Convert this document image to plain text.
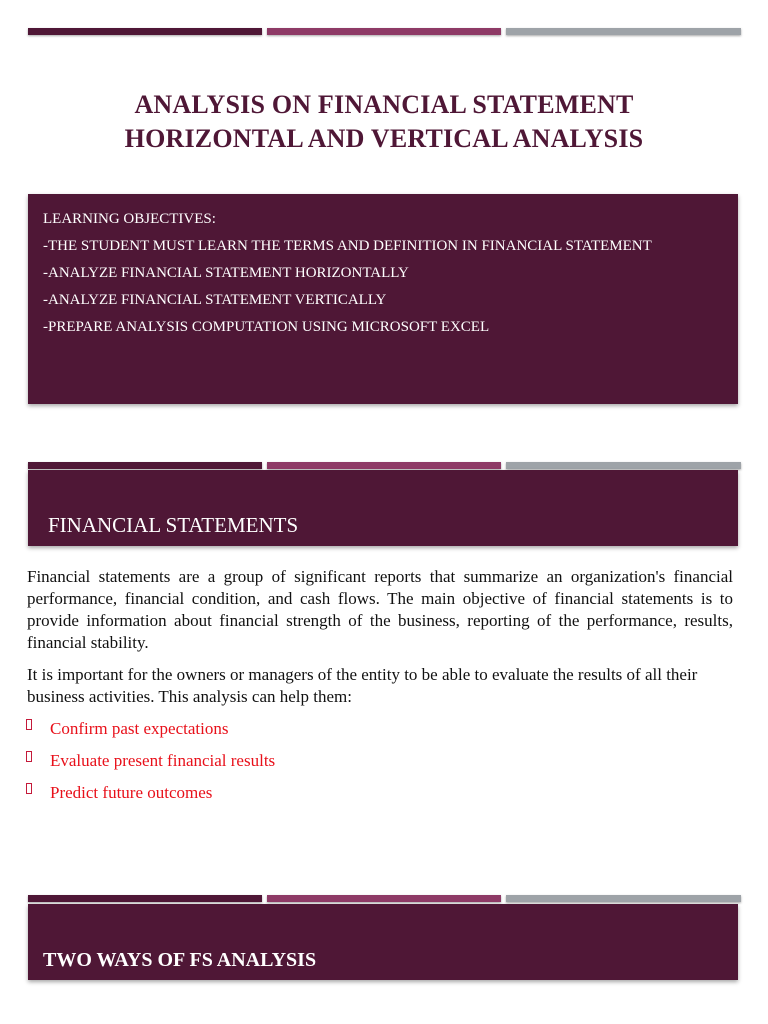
ANALYSIS ON FINANCIAL STATEMENT
HORIZONTAL AND VERTICAL ANALYSIS
LEARNING OBJECTIVES:
-THE STUDENT MUST LEARN THE TERMS AND DEFINITION IN FINANCIAL STATEMENT
-ANALYZE FINANCIAL STATEMENT HORIZONTALLY
-ANALYZE FINANCIAL STATEMENT VERTICALLY
-PREPARE ANALYSIS COMPUTATION USING MICROSOFT EXCEL
FINANCIAL STATEMENTS
Financial statements are a group of significant reports that summarize an organization's financial performance, financial condition, and cash flows. The main objective of financial statements is to provide information about financial strength of the business, reporting of the performance, results, financial stability.
It is important for the owners or managers of the entity to be able to evaluate the results of all their business activities. This analysis can help them:
Confirm past expectations
Evaluate present financial results
Predict future outcomes
TWO WAYS OF FS ANALYSIS
